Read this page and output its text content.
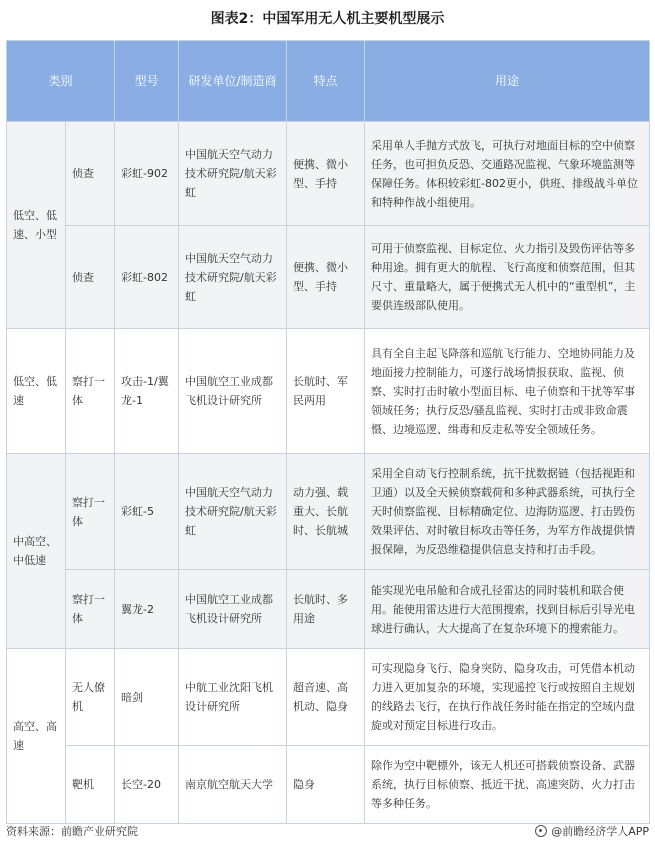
图表2：中国军用无人机主要机型展示
类别		型号	研发单位/制造商	特点	用途
低空、低速、小型	侦查	彩虹-902	中国航天空气动力技术研究院/航天彩虹	便携、微小型、手持	采用单人手抛方式放飞，可执行对地面目标的空中侦察任务，也可担负反恐、交通路况监视、气象环境监测等保障任务。体积较彩虹-802更小，供班、排级战斗单位和特种作战小组使用。
	侦查	彩虹-802	中国航天空气动力技术研究院/航天彩虹	便携、微小型、手持	可用于侦察监视、目标定位、火力指引及毁伤评估等多种用途。拥有更大的航程、飞行高度和侦察范围，但其尺寸、重量略大，属于便携式无人机中的“重型机”，主要供连级部队使用。
低空、低速	察打一体	攻击-1/翼龙-1	中国航空工业成都飞机设计研究所	长航时、军民两用	具有全自主起飞降落和巡航飞行能力、空地协同能力及地面接力控制能力，可遂行战场情报获取、监视、侦察、实时打击时敏小型面目标、电子侦察和干扰等军事领域任务；执行反恐/骚乱监视、实时打击或非致命震慑、边境巡逻、缉毒和反走私等安全领域任务。
中高空、中低速	察打一体	彩虹-5	中国航天空气动力技术研究院/航天彩虹	动力强、载重大、长航时、长航城	采用全自动飞行控制系统，抗干扰数据链（包括视距和卫通）以及全天候侦察载荷和多种武器系统，可执行全天时侦察监视、目标精确定位、边海防巡逻、打击毁伤效果评估、对时敏目标攻击等任务，为军方作战提供情报保障，为反恐维稳提供信息支持和打击手段。
	察打一体	翼龙-2	中国航空工业成都飞机设计研究所	长航时、多用途	能实现光电吊舱和合成孔径雷达的同时装机和联合使用。能使用雷达进行大范围搜索，找到目标后引导光电球进行确认，大大提高了在复杂环境下的搜索能力。
高空、高速	无人僚机	暗剑	中航工业沈阳飞机设计研究所	超音速、高机动、隐身	可实现隐身飞行、隐身突防、隐身攻击，可凭借本机动力进入更加复杂的环境，实现遥控飞行或按照自主规划的线路去飞行，在执行作战任务时能在指定的空域内盘旋或对预定目标进行攻击。
	靶机	长空-20	南京航空航天大学	隐身	除作为空中靶標外，该无人机还可搭载侦察设备、武器系统，执行目标侦察、抵近干扰、高速突防、火力打击等多种任务。
资料来源：前瞻产业研究院	@前瞻经济学人APP
